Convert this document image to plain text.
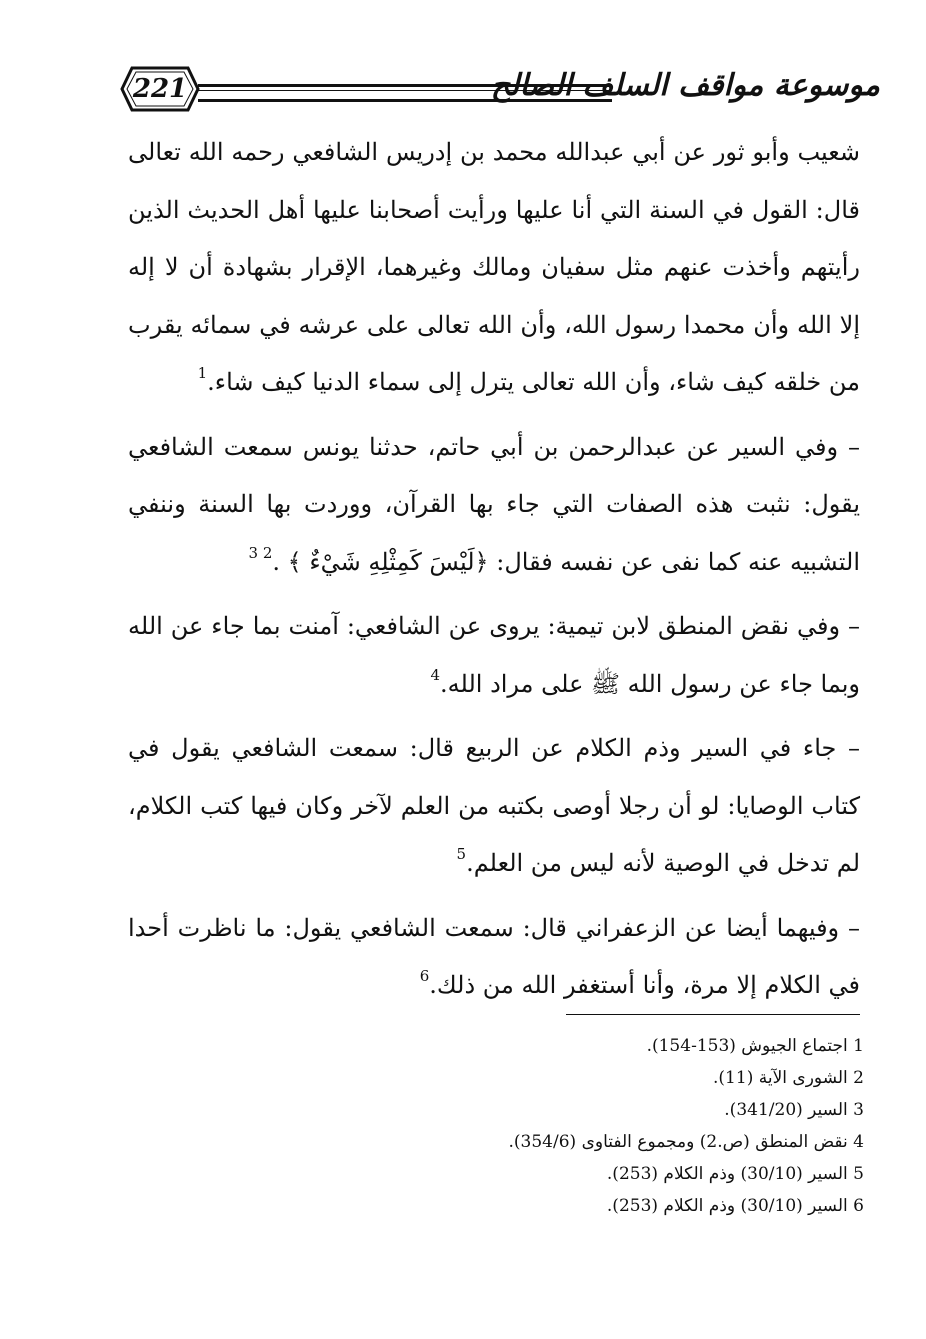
موسوعة مواقف السلف الصالح
221

شعيب وأبو ثور عن أبي عبدالله محمد بن إدريس الشافعي رحمه الله تعالى قال: القول في السنة التي أنا عليها ورأيت أصحابنا عليها أهل الحديث الذين رأيتهم وأخذت عنهم مثل سفيان ومالك وغيرهما، الإقرار بشهادة أن لا إله إلا الله وأن محمدا رسول الله، وأن الله تعالى على عرشه في سمائه يقرب من خلقه كيف شاء، وأن الله تعالى يترل إلى سماء الدنيا كيف شاء.$^1$

– وفي السير عن عبدالرحمن بن أبي حاتم، حدثنا يونس سمعت الشافعي يقول: نثبت هذه الصفات التي جاء بها القرآن، ووردت بها السنة وننفي التشبيه عنه كما نفى عن نفسه فقال: ﴿لَيْسَ كَمِثْلِهِ شَيْءٌ ﴾ .$^{2 3}$

– وفي نقض المنطق لابن تيمية: يروى عن الشافعي: آمنت بما جاء عن الله وبما جاء عن رسول الله ﷺ على مراد الله.$^4$

– جاء في السير وذم الكلام عن الربيع قال: سمعت الشافعي يقول في كتاب الوصايا: لو أن رجلا أوصى بكتبه من العلم لآخر وكان فيها كتب الكلام، لم تدخل في الوصية لأنه ليس من العلم.$^5$

– وفيهما أيضا عن الزعفراني قال: سمعت الشافعي يقول: ما ناظرت أحدا في الكلام إلا مرة، وأنا أستغفر الله من ذلك.$^6$

1 اجتماع الجيوش (153-154).
2 الشورى الآية (11).
3 السير (341/20).
4 نقض المنطق (ص.2) ومجموع الفتاوى (354/6).
5 السير (30/10) وذم الكلام (253).
6 السير (30/10) وذم الكلام (253).
